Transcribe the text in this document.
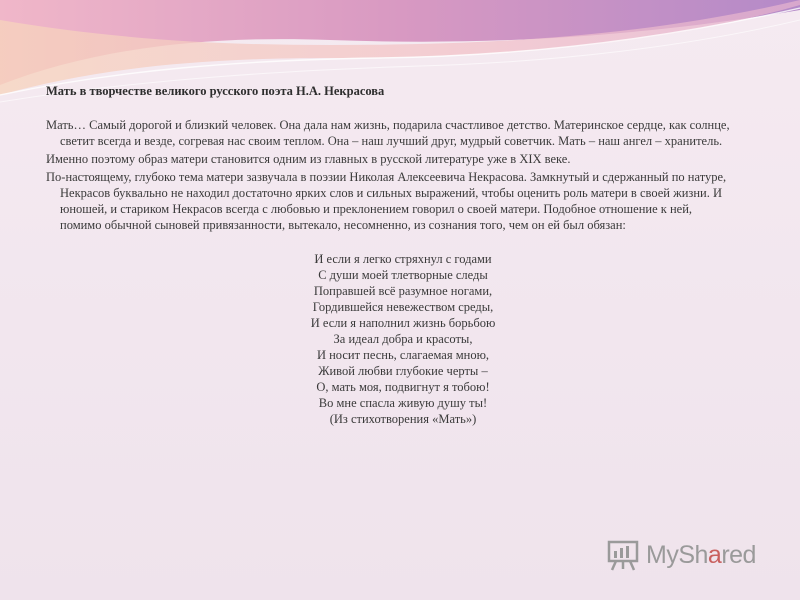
Мать в творчестве великого русского поэта Н.А. Некрасова

Мать… Самый дорогой и близкий человек. Она дала нам жизнь, подарила счастливое детство. Материнское сердце, как солнце, светит всегда и везде, согревая нас своим теплом. Она – наш лучший друг, мудрый советчик. Мать – наш ангел – хранитель.

Именно поэтому образ матери становится одним из главных в русской литературе уже в XIX веке.

По-настоящему, глубоко тема матери зазвучала в поэзии Николая Алексеевича Некрасова. Замкнутый и сдержанный по натуре, Некрасов буквально не находил достаточно ярких слов и сильных выражений, чтобы оценить роль матери в своей жизни. И юношей, и стариком Некрасов всегда с любовью и преклонением говорил о своей матери. Подобное отношение к ней, помимо обычной сыновей привязанности, вытекало, несомненно, из сознания того, чем он ей был обязан:

И если я легко стряхнул с годами
С души моей тлетворные следы
Поправшей всё разумное ногами,
Гордившейся невежеством среды,
И если я наполнил жизнь борьбою
За идеал добра и красоты,
И носит песнь, слагаемая мною,
Живой любви глубокие черты –
О, мать моя, подвигнут я тобою!
Во мне спасла живую душу ты!
(Из стихотворения «Мать»)
MyShared
